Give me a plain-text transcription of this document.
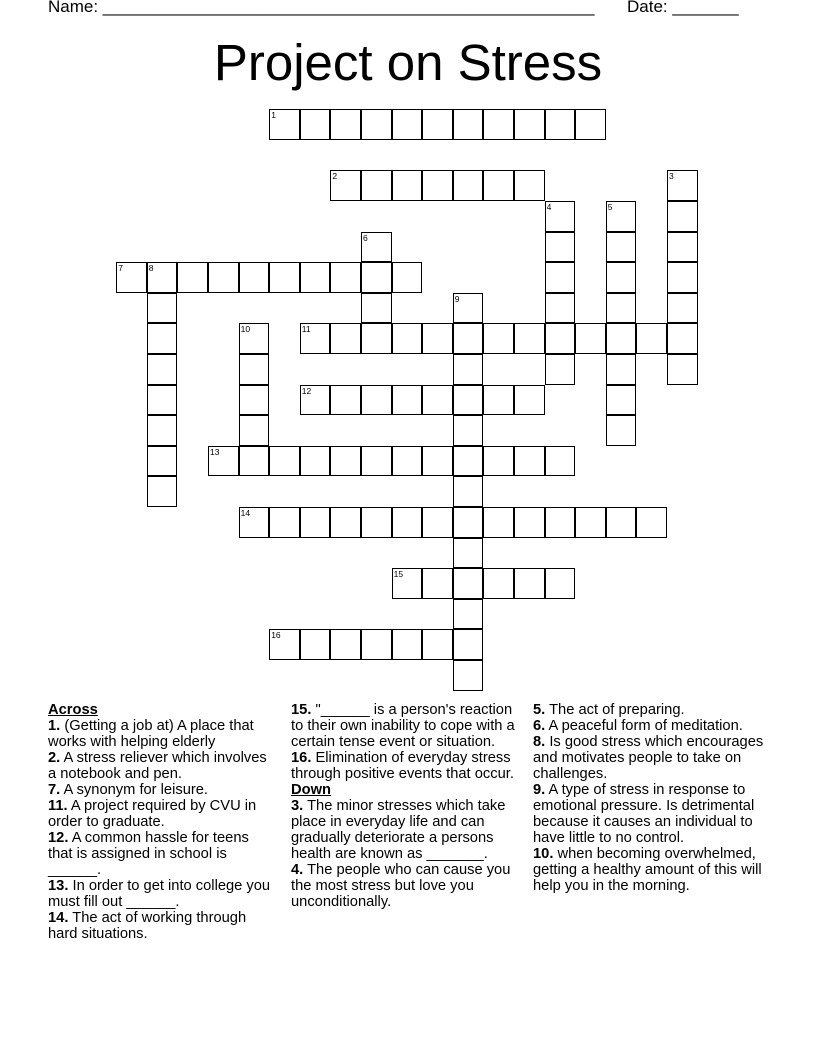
Name: ____________________________________________________ Date: _______
Project on Stress
1
2	3
4	5
6
7	8
9
10	11
12
13
14
15
16

Across

1. (Getting a job at) A place that works with helping elderly

2. A stress reliever which involves a notebook and pen.

7. A synonym for leisure.

11. A project required by CVU in order to graduate.

12. A common hassle for teens that is assigned in school is ______.

13. In order to get into college you must fill out ______.

14. The act of working through hard situations.

15. "______ is a person's reaction to their own inability to cope with a certain tense event or situation.

16. Elimination of everyday stress through positive events that occur.

Down

3. The minor stresses which take place in everyday life and can gradually deteriorate a persons health are known as _______.

4. The people who can cause you the most stress but love you unconditionally.

5. The act of preparing.

6. A peaceful form of meditation.

8. Is good stress which encourages and motivates people to take on challenges.

9. A type of stress in response to emotional pressure. Is detrimental because it causes an individual to have little to no control.

10. when becoming overwhelmed, getting a healthy amount of this will help you in the morning.
